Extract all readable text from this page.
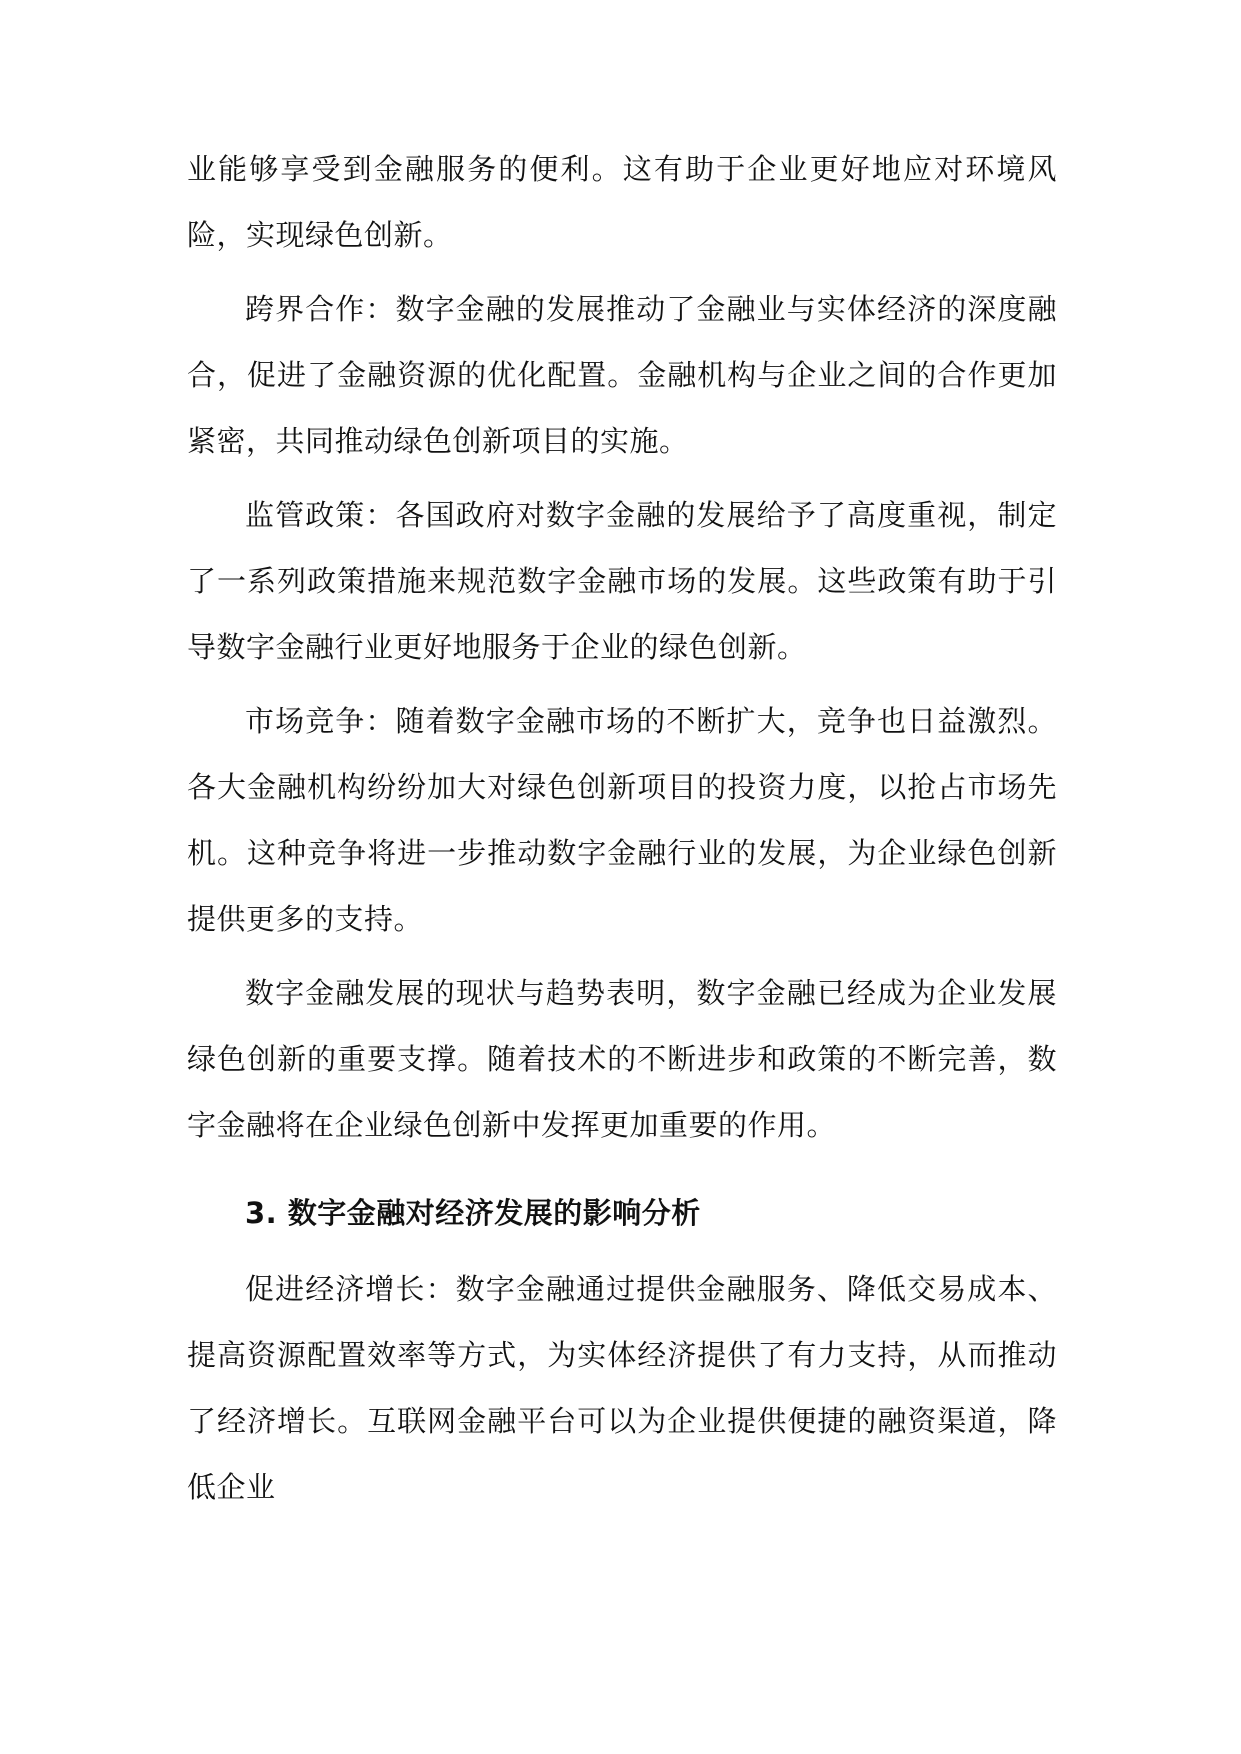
业能够享受到金融服务的便利。这有助于企业更好地应对环境风险，实现绿色创新。

跨界合作：数字金融的发展推动了金融业与实体经济的深度融合，促进了金融资源的优化配置。金融机构与企业之间的合作更加紧密，共同推动绿色创新项目的实施。

监管政策：各国政府对数字金融的发展给予了高度重视，制定了一系列政策措施来规范数字金融市场的发展。这些政策有助于引导数字金融行业更好地服务于企业的绿色创新。

市场竞争：随着数字金融市场的不断扩大，竞争也日益激烈。各大金融机构纷纷加大对绿色创新项目的投资力度，以抢占市场先机。这种竞争将进一步推动数字金融行业的发展，为企业绿色创新提供更多的支持。

数字金融发展的现状与趋势表明，数字金融已经成为企业发展绿色创新的重要支撑。随着技术的不断进步和政策的不断完善，数字金融将在企业绿色创新中发挥更加重要的作用。

3. 数字金融对经济发展的影响分析

促进经济增长：数字金融通过提供金融服务、降低交易成本、提高资源配置效率等方式，为实体经济提供了有力支持，从而推动了经济增长。互联网金融平台可以为企业提供便捷的融资渠道，降低企业
